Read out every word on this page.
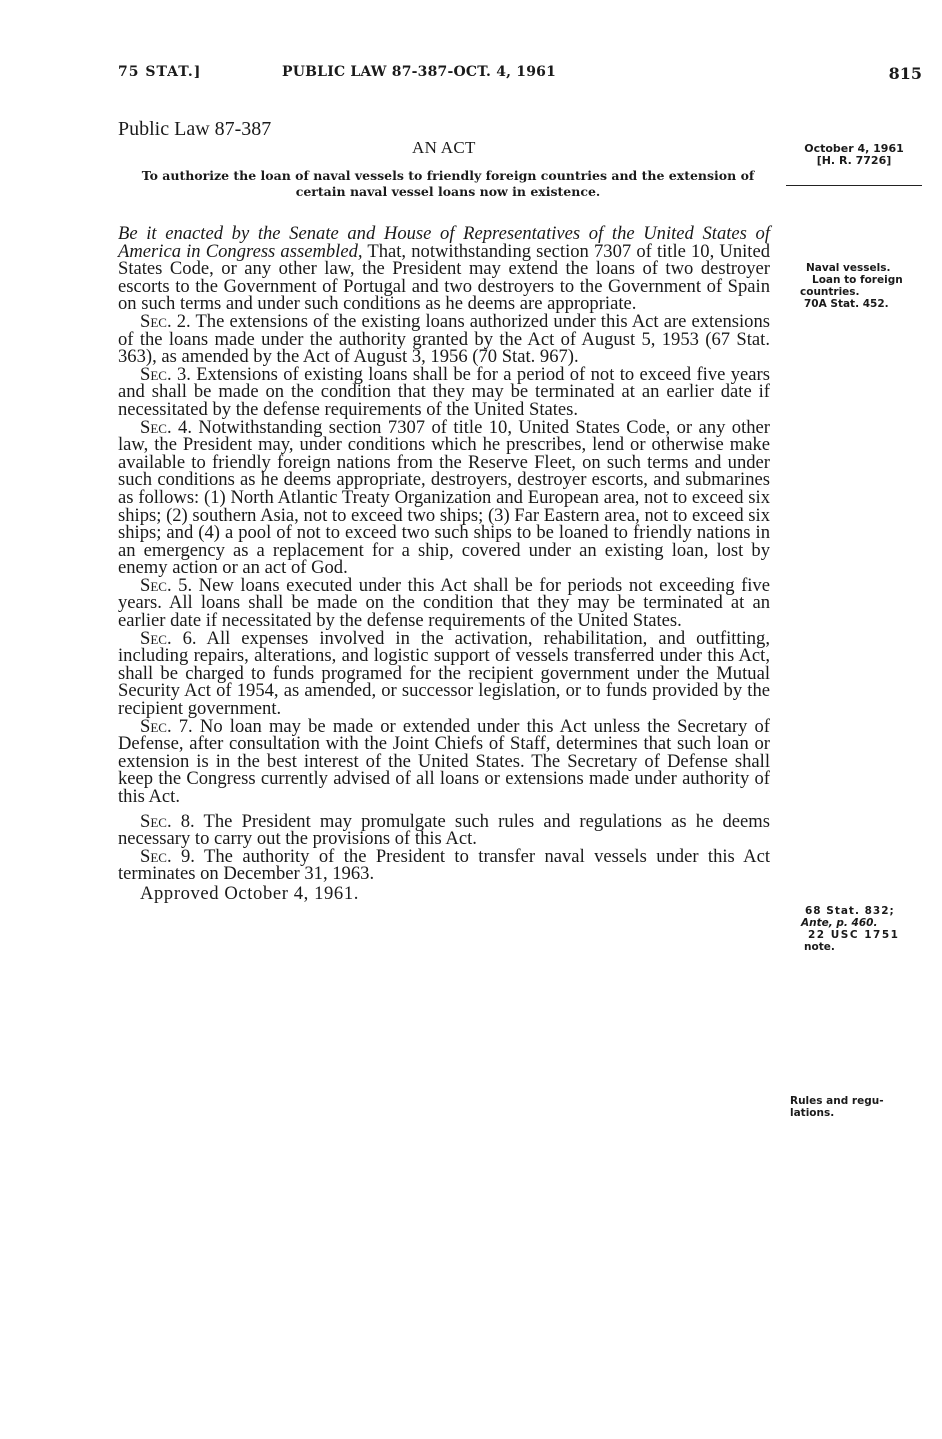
75 STAT.]	PUBLIC LAW 87-387-OCT. 4, 1961	815
Public Law 87-387
AN ACT	October 4, 1961
[H. R. 7726]
To authorize the loan of naval vessels to friendly foreign countries and the extension of certain naval vessel loans now in existence.

Be it enacted by the Senate and House of Representatives of the United States of America in Congress assembled, That, notwithstanding section 7307 of title 10, United States Code, or any other law, the President may extend the loans of two destroyer escorts to the Government of Portugal and two destroyers to the Government of Spain on such terms and under such conditions as he deems are appropriate.

Sec. 2. The extensions of the existing loans authorized under this Act are extensions of the loans made under the authority granted by the Act of August 5, 1953 (67 Stat. 363), as amended by the Act of August 3, 1956 (70 Stat. 967).

Sec. 3. Extensions of existing loans shall be for a period of not to exceed five years and shall be made on the condition that they may be terminated at an earlier date if necessitated by the defense requirements of the United States.

Sec. 4. Notwithstanding section 7307 of title 10, United States Code, or any other law, the President may, under conditions which he prescribes, lend or otherwise make available to friendly foreign nations from the Reserve Fleet, on such terms and under such conditions as he deems appropriate, destroyers, destroyer escorts, and submarines as follows: (1) North Atlantic Treaty Organization and European area, not to exceed six ships; (2) southern Asia, not to exceed two ships; (3) Far Eastern area, not to exceed six ships; and (4) a pool of not to exceed two such ships to be loaned to friendly nations in an emergency as a replacement for a ship, covered under an existing loan, lost by enemy action or an act of God.

Sec. 5. New loans executed under this Act shall be for periods not exceeding five years. All loans shall be made on the condition that they may be terminated at an earlier date if necessitated by the defense requirements of the United States.

Sec. 6. All expenses involved in the activation, rehabilitation, and outfitting, including repairs, alterations, and logistic support of vessels transferred under this Act, shall be charged to funds programed for the recipient government under the Mutual Security Act of 1954, as amended, or successor legislation, or to funds provided by the recipient government.

Sec. 7. No loan may be made or extended under this Act unless the Secretary of Defense, after consultation with the Joint Chiefs of Staff, determines that such loan or extension is in the best interest of the United States. The Secretary of Defense shall keep the Congress currently advised of all loans or extensions made under authority of this Act.

Sec. 8. The President may promulgate such rules and regulations as he deems necessary to carry out the provisions of this Act.

Sec. 9. The authority of the President to transfer naval vessels under this Act terminates on December 31, 1963.

Approved October 4, 1961.

Naval vessels.
Loan to foreign
countries.
70A Stat. 452.
68 Stat. 832;
Ante, p. 460.
22 USC 1751
note.
Rules and regu-
lations.
